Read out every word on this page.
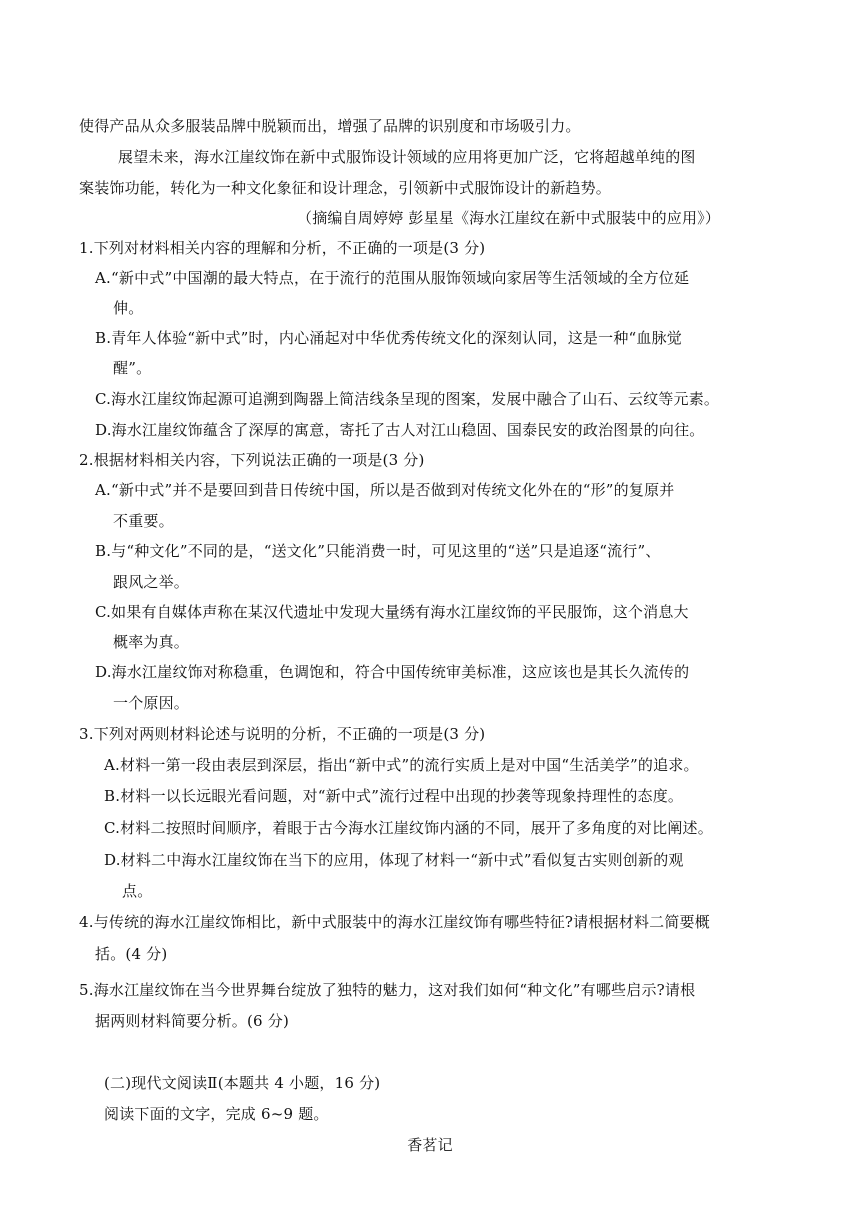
使得产品从众多服装品牌中脱颖而出，增强了品牌的识别度和市场吸引力。
展望未来，海水江崖纹饰在新中式服饰设计领域的应用将更加广泛，它将超越单纯的图
案装饰功能，转化为一种文化象征和设计理念，引领新中式服饰设计的新趋势。
（摘编自周婷婷 彭星星《海水江崖纹在新中式服装中的应用》）
1.下列对材料相关内容的理解和分析，不正确的一项是(3 分)
A.“新中式”中国潮的最大特点，在于流行的范围从服饰领域向家居等生活领域的全方位延
伸。
B.青年人体验“新中式”时，内心涌起对中华优秀传统文化的深刻认同，这是一种“血脉觉
醒”。
C.海水江崖纹饰起源可追溯到陶器上简洁线条呈现的图案，发展中融合了山石、云纹等元素。
D.海水江崖纹饰蕴含了深厚的寓意，寄托了古人对江山稳固、国泰民安的政治图景的向往。
2.根据材料相关内容，下列说法正确的一项是(3 分)
A.“新中式”并不是要回到昔日传统中国，所以是否做到对传统文化外在的“形”的复原并
不重要。
B.与“种文化”不同的是，“送文化”只能消费一时，可见这里的“送”只是追逐“流行”、
跟风之举。
C.如果有自媒体声称在某汉代遗址中发现大量绣有海水江崖纹饰的平民服饰，这个消息大
概率为真。
D.海水江崖纹饰对称稳重，色调饱和，符合中国传统审美标准，这应该也是其长久流传的
一个原因。
3.下列对两则材料论述与说明的分析，不正确的一项是(3 分)
A.材料一第一段由表层到深层，指出“新中式”的流行实质上是对中国“生活美学”的追求。
B.材料一以长远眼光看问题，对“新中式”流行过程中出现的抄袭等现象持理性的态度。
C.材料二按照时间顺序，着眼于古今海水江崖纹饰内涵的不同，展开了多角度的对比阐述。
D.材料二中海水江崖纹饰在当下的应用，体现了材料一“新中式”看似复古实则创新的观
点。
4.与传统的海水江崖纹饰相比，新中式服装中的海水江崖纹饰有哪些特征?请根据材料二简要概
括。(4 分)
5.海水江崖纹饰在当今世界舞台绽放了独特的魅力，这对我们如何“种文化”有哪些启示?请根
据两则材料简要分析。(6 分)
(二)现代文阅读Ⅱ(本题共 4 小题，16 分)
阅读下面的文字，完成 6~9 题。
香茗记
